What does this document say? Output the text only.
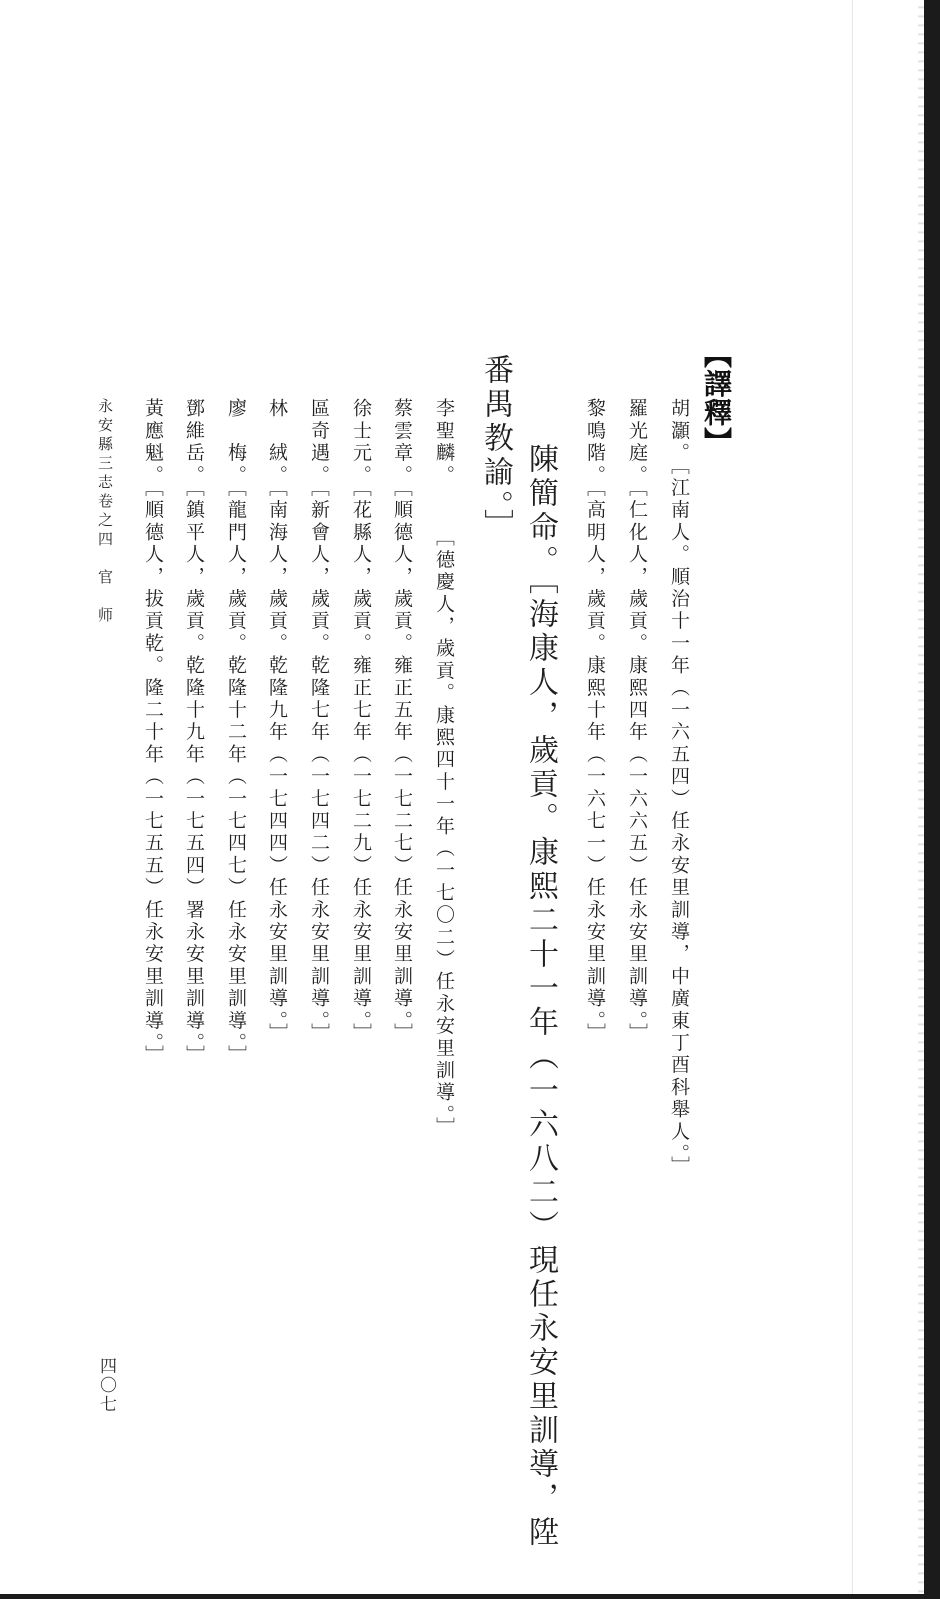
【譯釋】
胡灝。［江南人。順治十一年（一六五四）任永安里訓導，中廣東丁酉科舉人。］
羅光庭。［仁化人，歲貢。康熙四年（一六六五）任永安里訓導。］
黎鳴階。［高明人，歲貢。康熙十年（一六七一）任永安里訓導。］
陳簡命。［海康人，歲貢。康熙二十一年（一六八二）現任永安里訓導，陞
番禺教諭。］
李聖麟。
［德慶人，歲貢。康熙四十一年（一七〇二）任永安里訓導。］
蔡雲章。［順德人，歲貢。雍正五年（一七二七）任永安里訓導。］
徐士元。［花縣人，歲貢。雍正七年（一七二九）任永安里訓導。］
區奇遇。［新會人，歲貢。乾隆七年（一七四二）任永安里訓導。］
林　絨。［南海人，歲貢。乾隆九年（一七四四）任永安里訓導。］
廖　梅。［龍門人，歲貢。乾隆十二年（一七四七）任永安里訓導。］
鄧維岳。［鎮平人，歲貢。乾隆十九年（一七五四）署永安里訓導。］
黃應魁。［順德人，拔貢乾。隆二十年（一七五五）任永安里訓導。］
永安縣三志卷之四　官　师
四〇七
